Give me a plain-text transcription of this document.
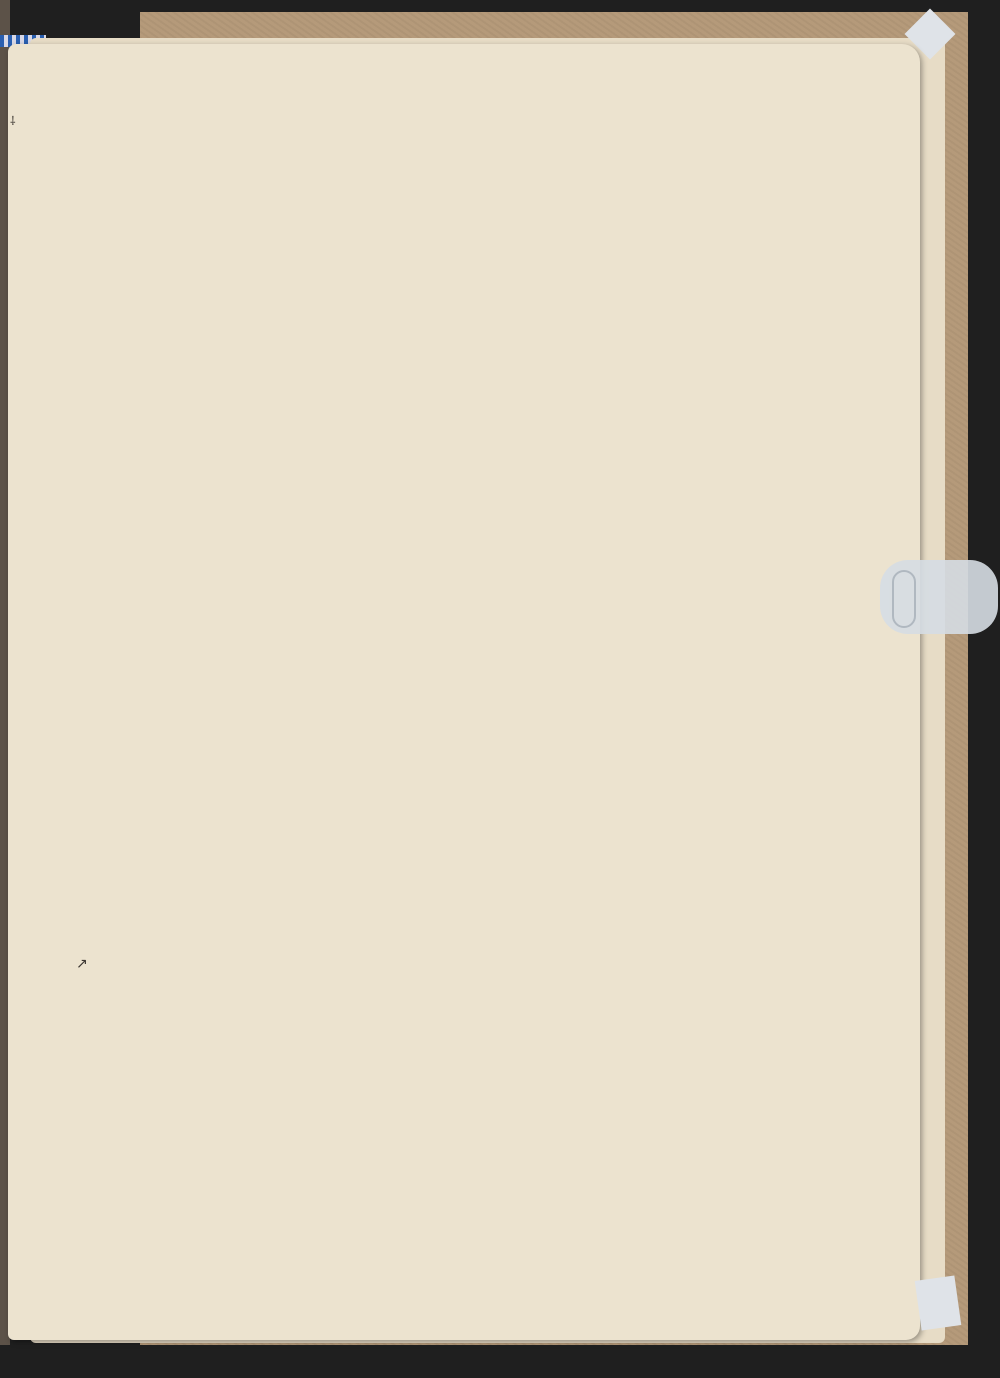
⸸
↗
